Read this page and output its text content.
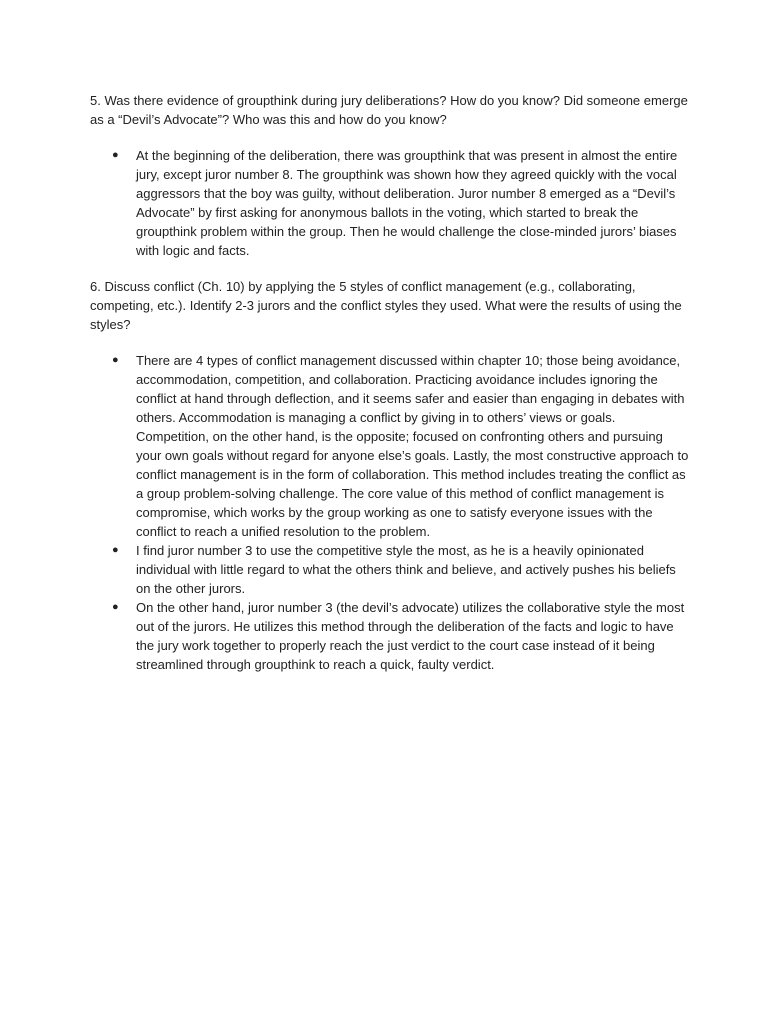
5. Was there evidence of groupthink during jury deliberations? How do you know? Did someone emerge as a “Devil’s Advocate”? Who was this and how do you know?

● At the beginning of the deliberation, there was groupthink that was present in almost the entire jury, except juror number 8. The groupthink was shown how they agreed quickly with the vocal aggressors that the boy was guilty, without deliberation. Juror number 8 emerged as a “Devil’s Advocate” by first asking for anonymous ballots in the voting, which started to break the groupthink problem within the group. Then he would challenge the close-minded jurors’ biases with logic and facts.

6. Discuss conflict (Ch. 10) by applying the 5 styles of conflict management (e.g., collaborating, competing, etc.). Identify 2-3 jurors and the conflict styles they used. What were the results of using the styles?

● There are 4 types of conflict management discussed within chapter 10; those being avoidance, accommodation, competition, and collaboration. Practicing avoidance includes ignoring the conflict at hand through deflection, and it seems safer and easier than engaging in debates with others. Accommodation is managing a conflict by giving in to others’ views or goals. Competition, on the other hand, is the opposite; focused on confronting others and pursuing your own goals without regard for anyone else’s goals. Lastly, the most constructive approach to conflict management is in the form of collaboration. This method includes treating the conflict as a group problem-solving challenge. The core value of this method of conflict management is compromise, which works by the group working as one to satisfy everyone issues with the conflict to reach a unified resolution to the problem.
● I find juror number 3 to use the competitive style the most, as he is a heavily opinionated individual with little regard to what the others think and believe, and actively pushes his beliefs on the other jurors.
● On the other hand, juror number 3 (the devil’s advocate) utilizes the collaborative style the most out of the jurors. He utilizes this method through the deliberation of the facts and logic to have the jury work together to properly reach the just verdict to the court case instead of it being streamlined through groupthink to reach a quick, faulty verdict.
